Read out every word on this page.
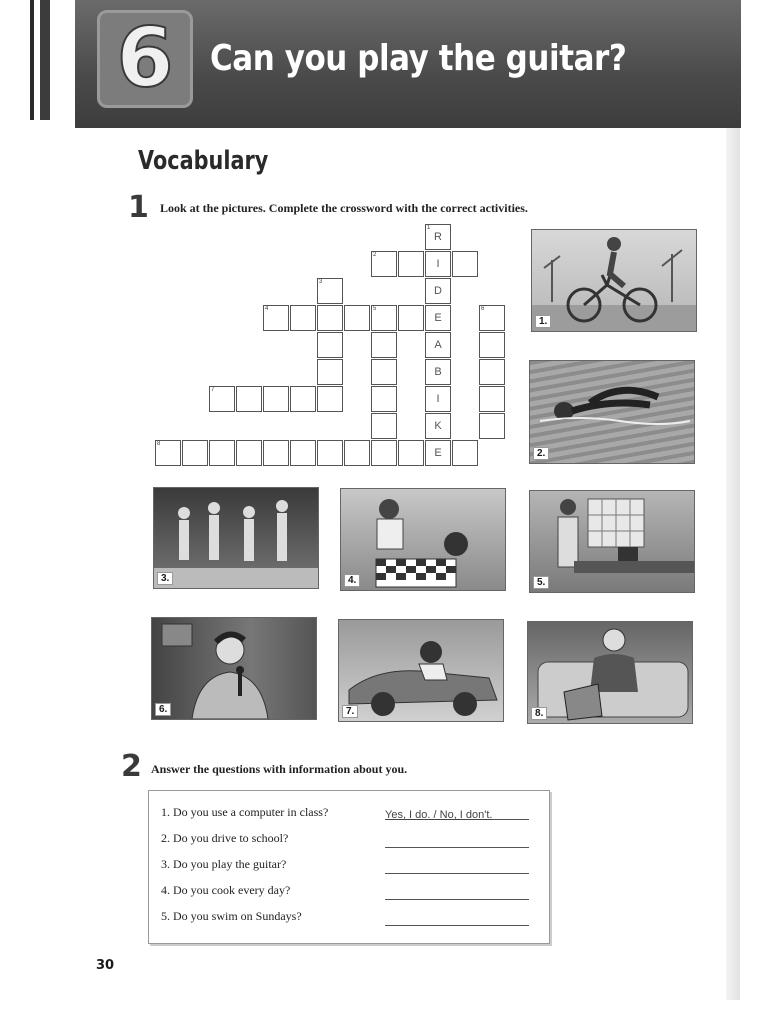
6 Can you play the guitar?
Vocabulary
1 Look at the pictures. Complete the crossword with the correct activities.
R
I
D
E
A
B
I
K
E
1
2
3
4	5	6
7
8
1.
2.
3.	4.	5.
6.	7.	8.
2 Answer the questions with information about you.
1. Do you use a computer in class?	Yes, I do. / No, I don't.
2. Do you drive to school?
3. Do you play the guitar?
4. Do you cook every day?
5. Do you swim on Sundays?
30
